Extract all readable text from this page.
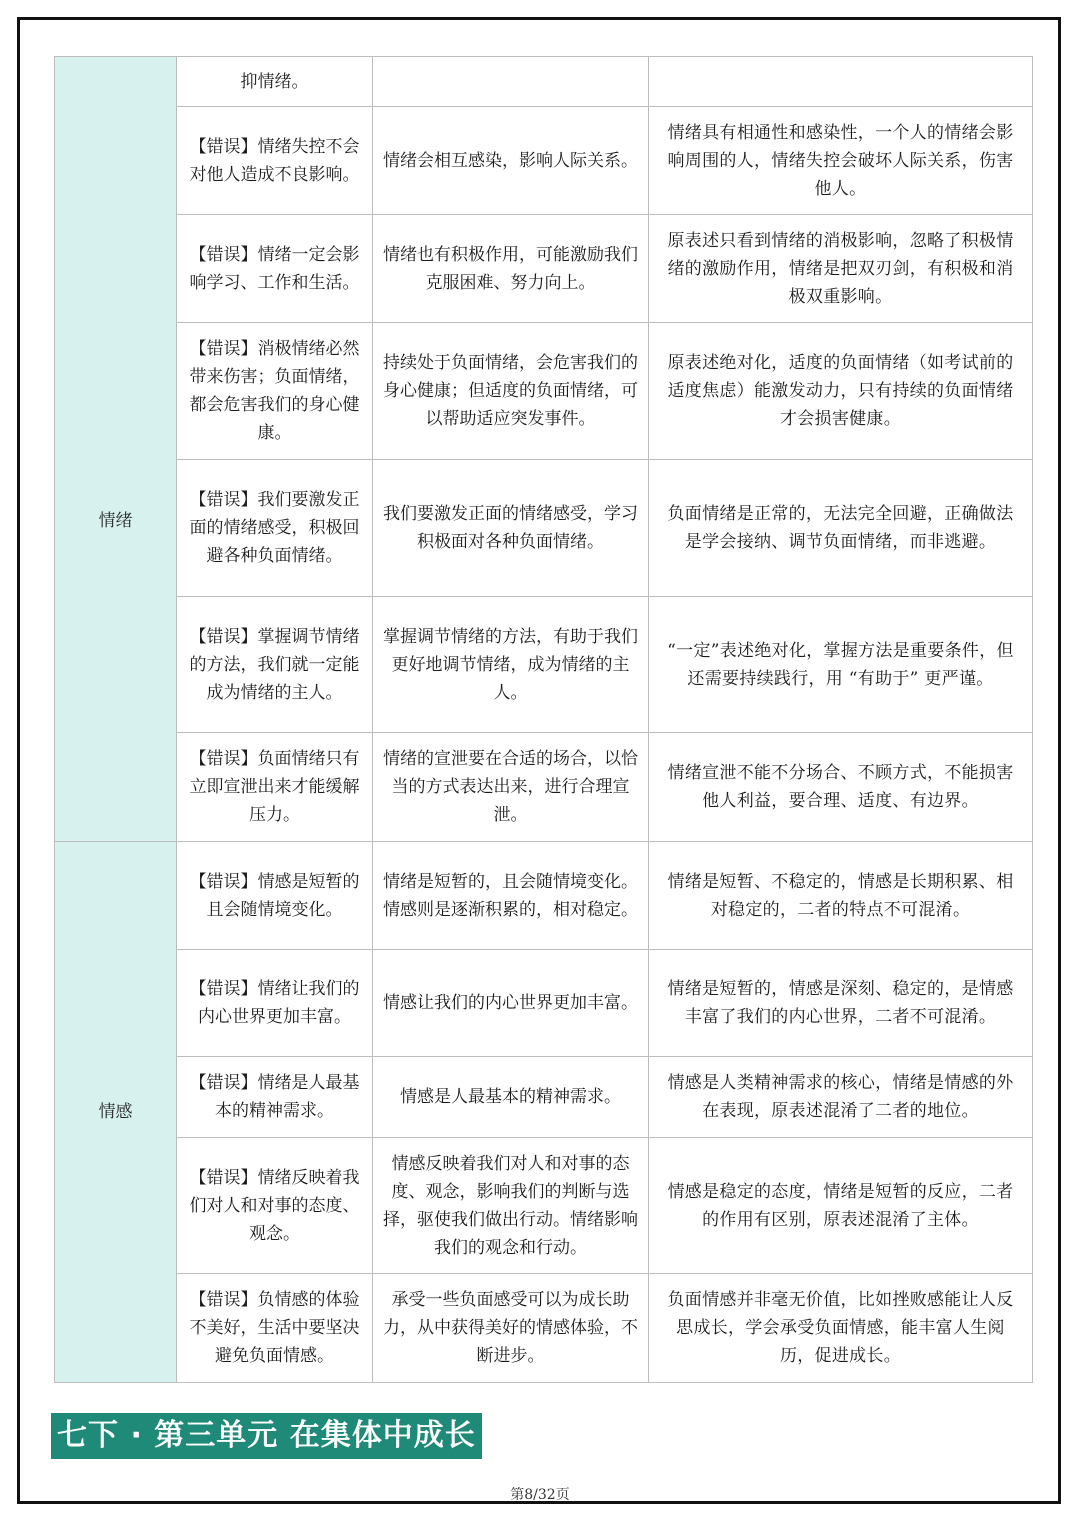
情绪	抑情绪。		
	【错误】情绪失控不会对他人造成不良影响。	情绪会相互感染，影响人际关系。	情绪具有相通性和感染性，一个人的情绪会影响周围的人，情绪失控会破坏人际关系，伤害他人。
	【错误】情绪一定会影响学习、工作和生活。	情绪也有积极作用，可能激励我们克服困难、努力向上。	原表述只看到情绪的消极影响，忽略了积极情绪的激励作用，情绪是把双刃剑，有积极和消极双重影响。
	【错误】消极情绪必然带来伤害；负面情绪，都会危害我们的身心健康。	持续处于负面情绪，会危害我们的身心健康；但适度的负面情绪，可以帮助适应突发事件。	原表述绝对化，适度的负面情绪（如考试前的适度焦虑）能激发动力，只有持续的负面情绪才会损害健康。
	【错误】我们要激发正面的情绪感受，积极回避各种负面情绪。	我们要激发正面的情绪感受，学习积极面对各种负面情绪。	负面情绪是正常的，无法完全回避，正确做法是学会接纳、调节负面情绪，而非逃避。
	【错误】掌握调节情绪的方法，我们就一定能成为情绪的主人。	掌握调节情绪的方法，有助于我们更好地调节情绪，成为情绪的主人。	“一定”表述绝对化，掌握方法是重要条件，但还需要持续践行，用 “有助于” 更严谨。
	【错误】负面情绪只有立即宣泄出来才能缓解压力。	情绪的宣泄要在合适的场合，以恰当的方式表达出来，进行合理宣泄。	情绪宣泄不能不分场合、不顾方式，不能损害他人利益，要合理、适度、有边界。
情感	【错误】情感是短暂的且会随情境变化。	情绪是短暂的，且会随情境变化。情感则是逐渐积累的，相对稳定。	情绪是短暂、不稳定的，情感是长期积累、相对稳定的，二者的特点不可混淆。
	【错误】情绪让我们的内心世界更加丰富。	情感让我们的内心世界更加丰富。	情绪是短暂的，情感是深刻、稳定的，是情感丰富了我们的内心世界，二者不可混淆。
	【错误】情绪是人最基本的精神需求。	情感是人最基本的精神需求。	情感是人类精神需求的核心，情绪是情感的外在表现，原表述混淆了二者的地位。
	【错误】情绪反映着我们对人和对事的态度、观念。	情感反映着我们对人和对事的态度、观念，影响我们的判断与选择，驱使我们做出行动。情绪影响我们的观念和行动。	情感是稳定的态度，情绪是短暂的反应，二者的作用有区别，原表述混淆了主体。
	【错误】负情感的体验不美好，生活中要坚决避免负面情感。	承受一些负面感受可以为成长助力，从中获得美好的情感体验，不断进步。	负面情感并非毫无价值，比如挫败感能让人反思成长，学会承受负面情感，能丰富人生阅历，促进成长。
七下 · 第三单元 在集体中成长
第8/32页
